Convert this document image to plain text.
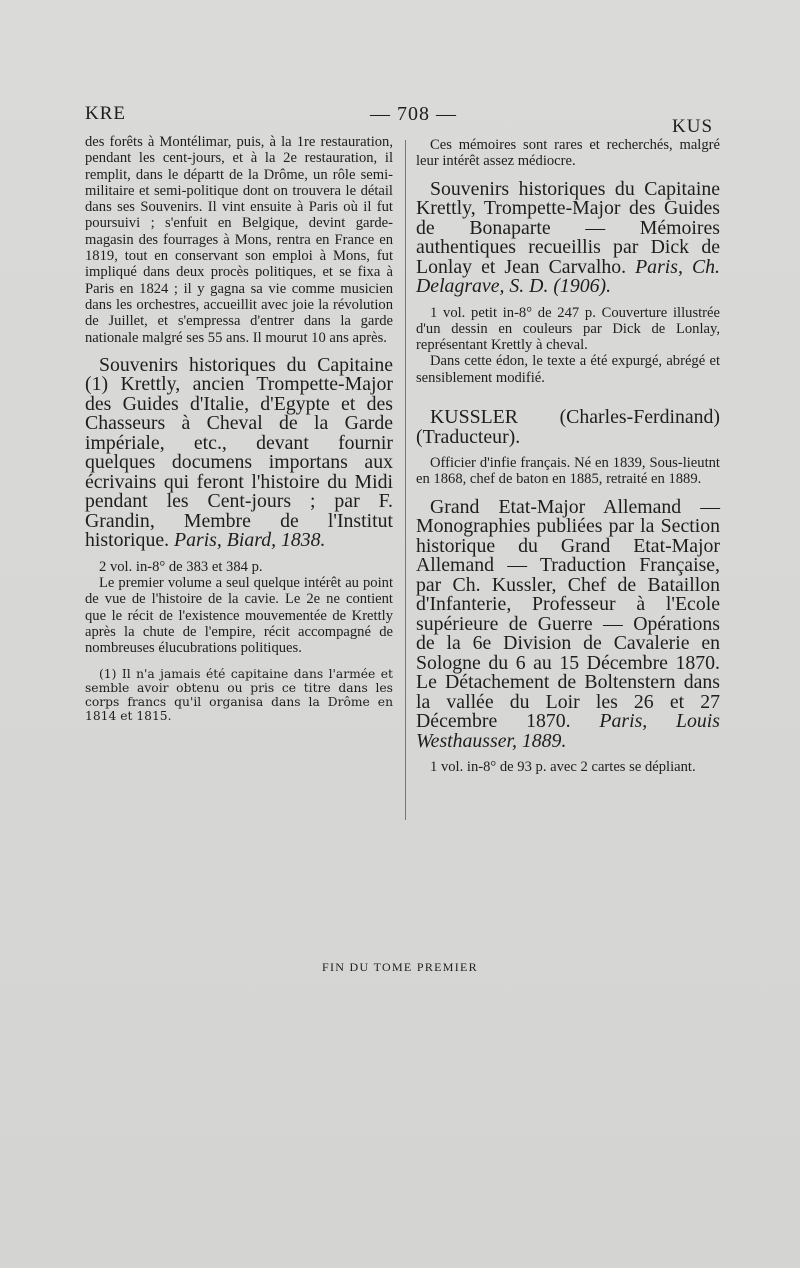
KRE	— 708 —
KUS

des forêts à Montélimar, puis, à la 1re restauration, pendant les cent-jours, et à la 2e restauration, il remplit, dans le départt de la Drôme, un rôle semi-militaire et semi-politique dont on trouvera le détail dans ses Souvenirs. Il vint ensuite à Paris où il fut poursuivi ; s'enfuit en Belgique, devint garde-magasin des fourrages à Mons, rentra en France en 1819, tout en conservant son emploi à Mons, fut impliqué dans deux procès politiques, et se fixa à Paris en 1824 ; il y gagna sa vie comme musicien dans les orchestres, accueillit avec joie la révolution de Juillet, et s'empressa d'entrer dans la garde nationale malgré ses 55 ans. Il mourut 10 ans après.

Souvenirs historiques du Capitaine (1) Krettly, ancien Trompette-Major des Guides d'Italie, d'Egypte et des Chasseurs à Cheval de la Garde impériale, etc., devant fournir quelques documens importans aux écrivains qui feront l'histoire du Midi pendant les Cent-jours ; par F. Grandin, Membre de l'Institut historique. Paris, Biard, 1838.

2 vol. in-8° de 383 et 384 p.

Le premier volume a seul quelque intérêt au point de vue de l'histoire de la cavie. Le 2e ne contient que le récit de l'existence mouvementée de Krettly après la chute de l'empire, récit accompagné de nombreuses élucubrations politiques.

(1) Il n'a jamais été capitaine dans l'armée et semble avoir obtenu ou pris ce titre dans les corps francs qu'il organisa dans la Drôme en 1814 et 1815.

Ces mémoires sont rares et recherchés, malgré leur intérêt assez médiocre.

Souvenirs historiques du Capitaine Krettly, Trompette-Major des Guides de Bonaparte — Mémoires authentiques recueillis par Dick de Lonlay et Jean Carvalho. Paris, Ch. Delagrave, S. D. (1906).

1 vol. petit in-8° de 247 p. Couverture illustrée d'un dessin en couleurs par Dick de Lonlay, représentant Krettly à cheval.

Dans cette édon, le texte a été expurgé, abrégé et sensiblement modifié.

KUSSLER (Charles-Ferdinand) (Traducteur).

Officier d'infie français. Né en 1839, Sous-lieutnt en 1868, chef de baton en 1885, retraité en 1889.

Grand Etat-Major Allemand — Monographies publiées par la Section historique du Grand Etat-Major Allemand — Traduction Française, par Ch. Kussler, Chef de Bataillon d'Infanterie, Professeur à l'Ecole supérieure de Guerre — Opérations de la 6e Division de Cavalerie en Sologne du 6 au 15 Décembre 1870. Le Détachement de Boltenstern dans la vallée du Loir les 26 et 27 Décembre 1870. Paris, Louis Westhausser, 1889.

1 vol. in-8° de 93 p. avec 2 cartes se dépliant.

FIN DU TOME PREMIER
